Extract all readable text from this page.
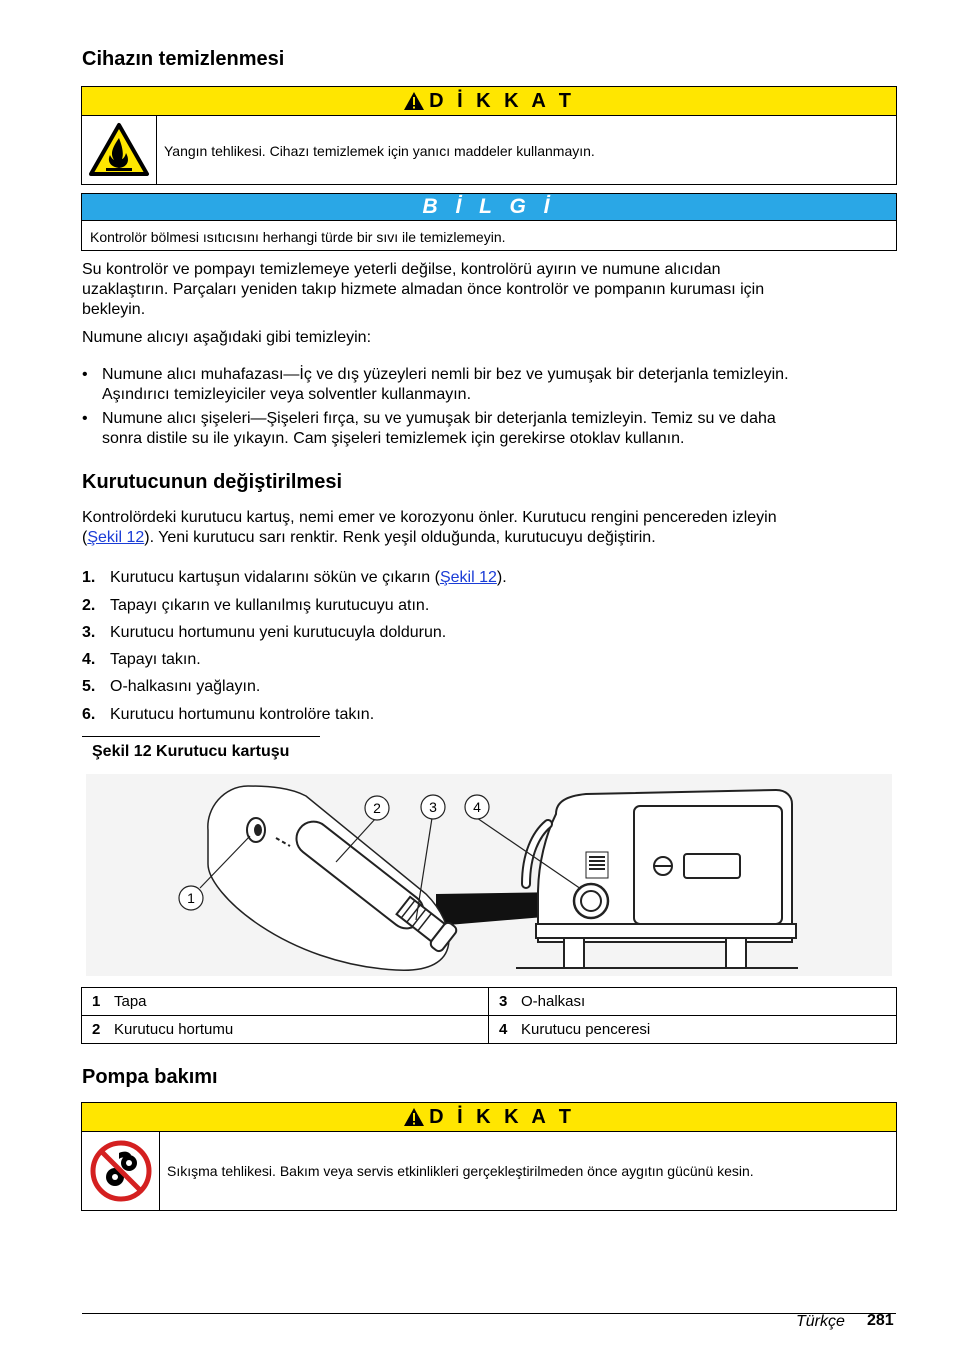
Cihazın temizlenmesi
D İ K K A T
Yangın tehlikesi. Cihazı temizlemek için yanıcı maddeler kullanmayın.
B İ L G İ
Kontrolör bölmesi ısıtıcısını herhangi türde bir sıvı ile temizlemeyin.

Su kontrolör ve pompayı temizlemeye yeterli değilse, kontrolörü ayırın ve numune alıcıdan
uzaklaştırın. Parçaları yeniden takıp hizmete almadan önce kontrolör ve pompanın kuruması için
bekleyin.

Numune alıcıyı aşağıdaki gibi temizleyin:

• Numune alıcı muhafazası—İç ve dış yüzeyleri nemli bir bez ve yumuşak bir deterjanla temizleyin.
Aşındırıcı temizleyiciler veya solventler kullanmayın.
• Numune alıcı şişeleri—Şişeleri fırça, su ve yumuşak bir deterjanla temizleyin. Temiz su ve daha
sonra distile su ile yıkayın. Cam şişeleri temizlemek için gerekirse otoklav kullanın.
Kurutucunun değiştirilmesi

Kontrolördeki kurutucu kartuş, nemi emer ve korozyonu önler. Kurutucu rengini pencereden izleyin
(Şekil 12). Yeni kurutucu sarı renktir. Renk yeşil olduğunda, kurutucuyu değiştirin.

1. Kurutucu kartuşun vidalarını sökün ve çıkarın (Şekil 12).
2. Tapayı çıkarın ve kullanılmış kurutucuyu atın.
3. Kurutucu hortumunu yeni kurutucuyla doldurun.
4. Tapayı takın.
5. O-halkasını yağlayın.
6. Kurutucu hortumunu kontrolöre takın.
Şekil 12 Kurutucu kartuşu
1
2	3	4
1 Tapa	3 O-halkası
2 Kurutucu hortumu	4 Kurutucu penceresi
Pompa bakımı
D İ K K A T
Sıkışma tehlikesi. Bakım veya servis etkinlikleri gerçekleştirilmeden önce aygıtın gücünü kesin.
Türkçe 281
